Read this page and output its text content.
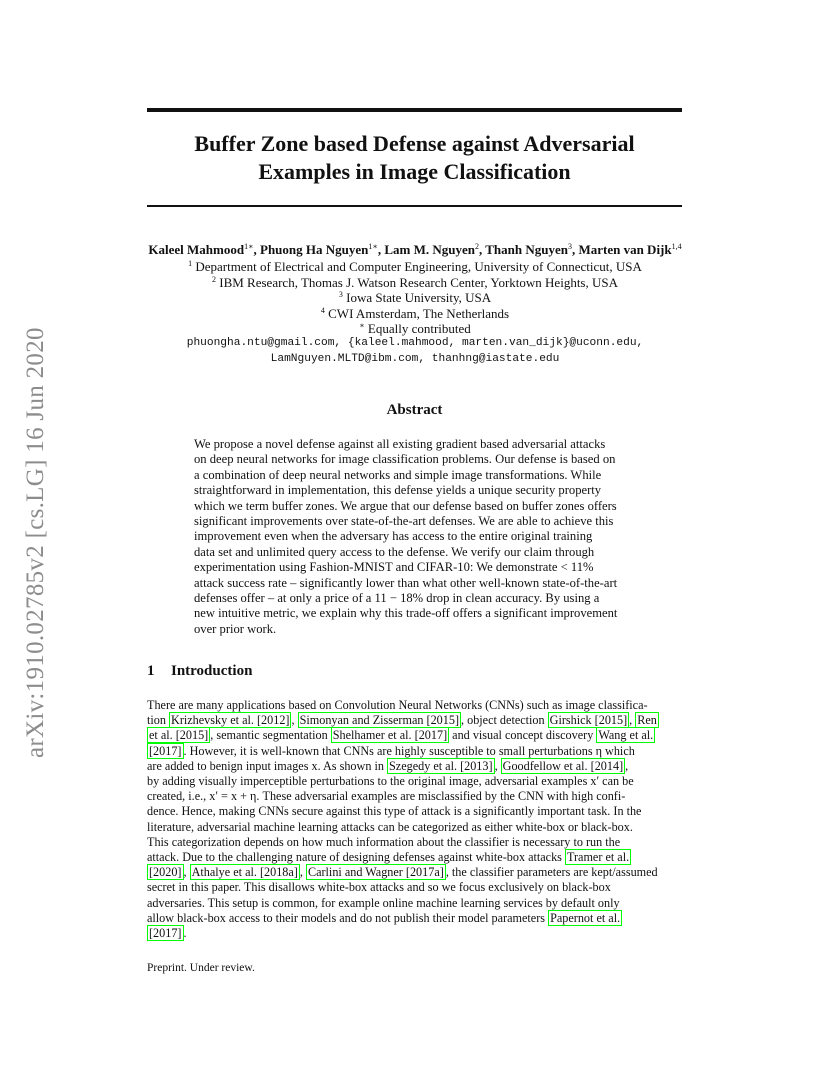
arXiv:1910.02785v2 [cs.LG] 16 Jun 2020
Buffer Zone based Defense against Adversarial
Examples in Image Classification
Kaleel Mahmood$^{1∗}$, Phuong Ha Nguyen$^{1∗}$, Lam M. Nguyen$^2$, Thanh Nguyen$^3$, Marten van Dijk$^{1,4}$
$^1$ Department of Electrical and Computer Engineering, University of Connecticut, USA
$^2$ IBM Research, Thomas J. Watson Research Center, Yorktown Heights, USA
$^3$ Iowa State University, USA
$^4$ CWI Amsterdam, The Netherlands
∗ Equally contributed
phuongha.ntu@gmail.com, {kaleel.mahmood, marten.van_dijk}@uconn.edu,
LamNguyen.MLTD@ibm.com, thanhng@iastate.edu
Abstract
We propose a novel defense against all existing gradient based adversarial attacks
on deep neural networks for image classification problems. Our defense is based on
a combination of deep neural networks and simple image transformations. While
straightforward in implementation, this defense yields a unique security property
which we term buffer zones. We argue that our defense based on buffer zones offers
significant improvements over state-of-the-art defenses. We are able to achieve this
improvement even when the adversary has access to the entire original training
data set and unlimited query access to the defense. We verify our claim through
experimentation using Fashion-MNIST and CIFAR-10: We demonstrate < 11%
attack success rate – significantly lower than what other well-known state-of-the-art
defenses offer – at only a price of a 11 − 18% drop in clean accuracy. By using a
new intuitive metric, we explain why this trade-off offers a significant improvement
over prior work.
1 Introduction
There are many applications based on Convolution Neural Networks (CNNs) such as image classifica-
tion Krizhevsky et al. [2012] , Simonyan and Zisserman [2015] , object detection Girshick [2015] , Ren
et al. [2015] , semantic segmentation Shelhamer et al. [2017] and visual concept discovery Wang et al.
[2017] . However, it is well-known that CNNs are highly susceptible to small perturbations η which
are added to benign input images x. As shown in Szegedy et al. [2013] , Goodfellow et al. [2014] ,
by adding visually imperceptible perturbations to the original image, adversarial examples x′ can be
created, i.e., x′ = x + η. These adversarial examples are misclassified by the CNN with high confi-
dence. Hence, making CNNs secure against this type of attack is a significantly important task. In the
literature, adversarial machine learning attacks can be categorized as either white-box or black-box.
This categorization depends on how much information about the classifier is necessary to run the
attack. Due to the challenging nature of designing defenses against white-box attacks Tramer et al.
[2020] , Athalye et al. [2018a] , Carlini and Wagner [2017a] , the classifier parameters are kept/assumed
secret in this paper. This disallows white-box attacks and so we focus exclusively on black-box
adversaries. This setup is common, for example online machine learning services by default only
allow black-box access to their models and do not publish their model parameters Papernot et al.
[2017] .
Preprint. Under review.
